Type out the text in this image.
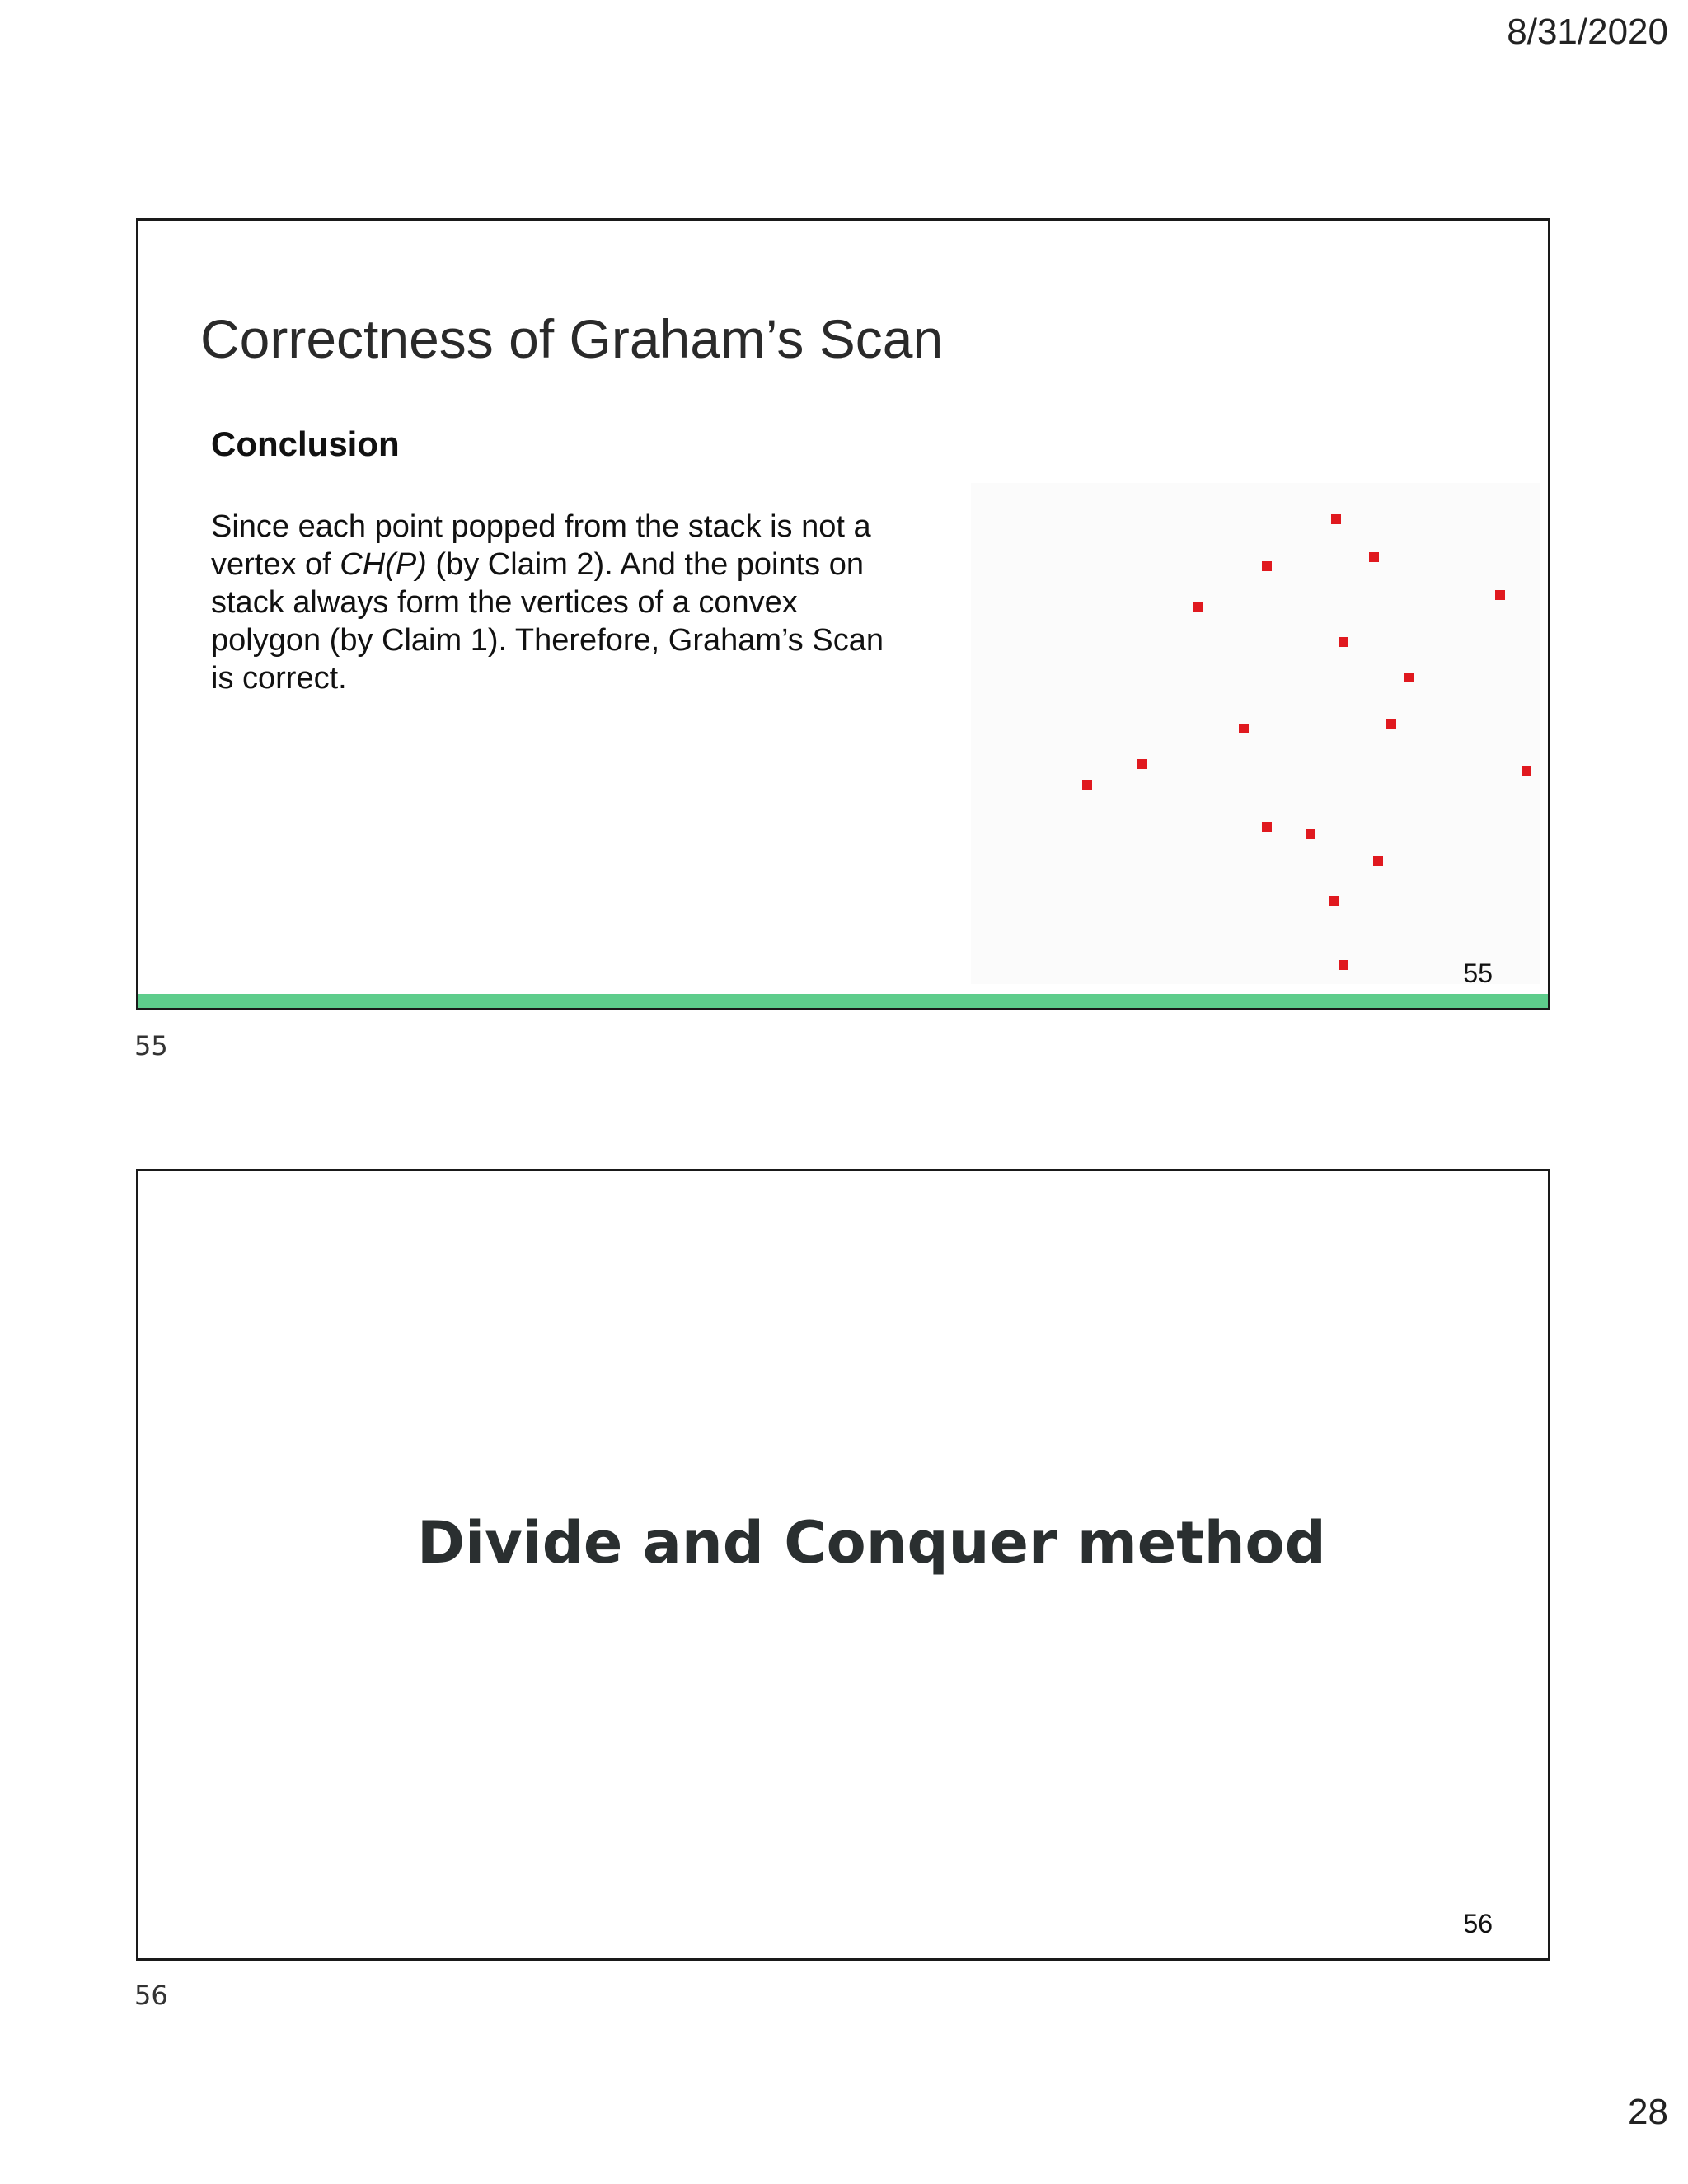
8/31/2020
Correctness of Graham’s Scan
Conclusion
Since each point popped from the stack is not a
vertex of CH(P) (by Claim 2). And the points on
stack always form the vertices of a convex
polygon (by Claim 1). Therefore, Graham’s Scan
is correct.
55
55
Divide and Conquer method
56
56
28
